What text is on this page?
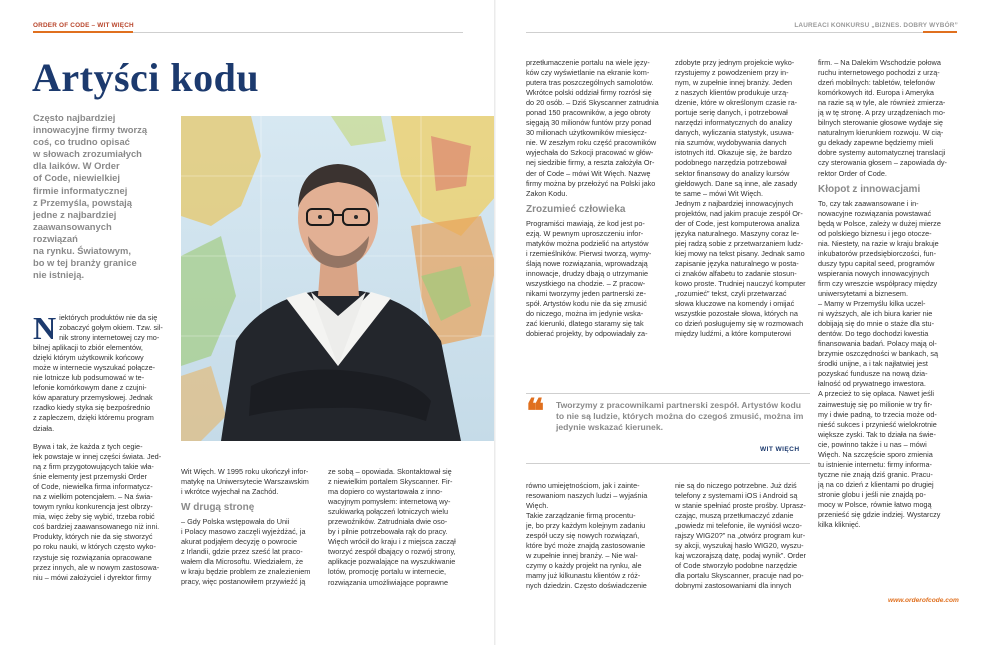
ORDER OF CODE – WIT WIĘCH
Artyści kodu
Często najbardziej
innowacyjne firmy tworzą
coś, co trudno opisać
w słowach zrozumiałych
dla laików. W Order
of Code, niewielkiej
firmie informatycznej
z Przemyśla, powstają
jedne z najbardziej
zaawansowanych
rozwiązań
na rynku. Światowym,
bo w tej branży granice
nie istnieją.
N iektórych produktów nie da się
zobaczyć gołym okiem. Tzw. sil-
nik strony internetowej czy mo-
bilnej aplikacji to zbiór elementów,
dzięki którym użytkownik końcowy
może w internecie wyszukać połącze-
nie lotnicze lub podsumować w te-
lefonie komórkowym dane z czujni-
ków aparatury przemysłowej. Jednak
rzadko kiedy styka się bezpośrednio
z zapleczem, dzięki któremu program
działa.
Bywa i tak, że każda z tych cegie-
łek powstaje w innej części świata. Jed-
ną z firm przygotowujących takie wła-
śnie elementy jest przemyski Order
of Code, niewielka firma informatycz-
na z wielkim potencjałem. – Na świa-
towym rynku konkurencja jest olbrzy-
mia, więc żeby się wybić, trzeba robić
coś bardziej zaawansowanego niż inni.
Produkty, których nie da się stworzyć
po roku nauki, w których często wyko-
rzystuje się rozwiązania opracowane
przez innych, ale w nowym zastosowa-
niu – mówi założyciel i dyrektor firmy
Wit Więch. W 1995 roku ukończył infor-
matykę na Uniwersytecie Warszawskim
i wkrótce wyjechał na Zachód.
W drugą stronę
– Gdy Polska wstępowała do Unii
i Polacy masowo zaczęli wyjeżdżać, ja
akurat podjąłem decyzję o powrocie
z Irlandii, gdzie przez sześć lat praco-
wałem dla Microsoftu. Wiedziałem, że
w kraju będzie problem ze znalezieniem
pracy, więc postanowiłem przywieźć ją
ze sobą – opowiada. Skontaktował się
z niewielkim portalem Skyscanner. Fir-
ma dopiero co wystartowała z inno-
wacyjnym pomysłem: internetową wy-
szukiwarką połączeń lotniczych wielu
przewoźników. Zatrudniała dwie oso-
by i pilnie potrzebowała rąk do pracy.
Więch wrócił do kraju i z miejsca zaczął
tworzyć zespół dbający o rozwój strony,
aplikacje pozwalające na wyszukiwanie
lotów, promocję portalu w internecie,
rozwiązania umożliwiające poprawne
LAUREACI KONKURSU „BIZNES. DOBRY WYBÓR”
przetłumaczenie portalu na wiele języ-
ków czy wyświetlanie na ekranie kom-
putera tras poszczególnych samolotów.
Wkrótce polski oddział firmy rozrósł się
do 20 osób. – Dziś Skyscanner zatrudnia
ponad 150 pracowników, a jego obroty
sięgają 30 milionów funtów przy ponad
30 milionach użytkowników miesięcz-
nie. W zeszłym roku część pracowników
wyjechała do Szkocji pracować w głów-
nej siedzibie firmy, a reszta założyła Or-
der of Code – mówi Wit Więch. Nazwę
firmy można by przełożyć na Polski jako
Zakon Kodu.
Zrozumieć człowieka
Programiści mawiają, że kod jest po-
ezją. W pewnym uproszczeniu infor-
matyków można podzielić na artystów
i rzemieślników. Pierwsi tworzą, wymy-
ślają nowe rozwiązania, wprowadzają
innowacje, drudzy dbają o utrzymanie
wszystkiego na chodzie. – Z pracow-
nikami tworzymy jeden partnerski ze-
spół. Artystów kodu nie da się zmusić
do niczego, można im jedynie wska-
zać kierunki, dlatego staramy się tak
dobierać projekty, by odpowiadały za-
zdobyte przy jednym projekcie wyko-
rzystujemy z powodzeniem przy in-
nym, w zupełnie innej branży. Jeden
z naszych klientów produkuje urzą-
dzenie, które w określonym czasie ra-
portuje serię danych, i potrzebował
narzędzi informatycznych do analizy
danych, wyliczania statystyk, usuwa-
nia szumów, wydobywania danych
istotnych itd. Okazuje się, że bardzo
podobnego narzędzia potrzebował
sektor finansowy do analizy kursów
giełdowych. Dane są inne, ale zasady
te same – mówi Wit Więch.
Jednym z najbardziej innowacyjnych
projektów, nad jakim pracuje zespół Or-
der of Code, jest komputerowa analiza
języka naturalnego. Maszyny coraz le-
piej radzą sobie z przetwarzaniem ludz-
kiej mowy na tekst pisany. Jednak samo
zapisanie języka naturalnego w posta-
ci znaków alfabetu to zadanie stosun-
kowo proste. Trudniej nauczyć komputer
„rozumieć” tekst, czyli przetwarzać
słowa kluczowe na komendy i omijać
wszystkie pozostałe słowa, których na
co dzień posługujemy się w rozmowach
między ludźmi, a które komputerowi
❝ Tworzymy z pracownikami partnerski zespół. Artystów kodu to nie są ludzie, których można do czegoś zmusić, można im jedynie wskazać kierunek.
WIT WIĘCH
równo umiejętnościom, jak i zainte-
resowaniom naszych ludzi – wyjaśnia
Więch.
Takie zarządzanie firmą procentu-
je, bo przy każdym kolejnym zadaniu
zespół uczy się nowych rozwiązań,
które być może znajdą zastosowanie
w zupełnie innej branży. – Nie wal-
czymy o każdy projekt na rynku, ale
mamy już kilkunastu klientów z róż-
nych dziedzin. Często doświadczenie
nie są do niczego potrzebne. Już dziś
telefony z systemami iOS i Android są
w stanie spełniać proste prośby. Uprasz-
czając, muszą przetłumaczyć zdanie
„powiedz mi telefonie, ile wyniósł wczo-
rajszy WIG20?” na „otwórz program kur-
sy akcji, wyszukaj hasło WIG20, wyszu-
kaj wczorajszą datę, podaj wynik”. Order
of Code stworzyło podobne narzędzie
dla portalu Skyscanner, pracuje nad po-
dobnymi zastosowaniami dla innych
firm. – Na Dalekim Wschodzie połowa
ruchu internetowego pochodzi z urzą-
dzeń mobilnych: tabletów, telefonów
komórkowych itd. Europa i Ameryka
na razie są w tyle, ale również zmierza-
ją w tę stronę. A przy urządzeniach mo-
bilnych sterowanie głosowe wydaje się
naturalnym kierunkiem rozwoju. W cią-
gu dekady zapewne będziemy mieli
dobre systemy automatycznej translacji
czy sterowania głosem – zapowiada dy-
rektor Order of Code.
Kłopot z innowacjami
To, czy tak zaawansowane i in-
nowacyjne rozwiązania powstawać
będą w Polsce, zależy w dużej mierze
od polskiego biznesu i jego otocze-
nia. Niestety, na razie w kraju brakuje
inkubatorów przedsiębiorczości, fun-
duszy typu capital seed, programów
wspierania nowych innowacyjnych
firm czy wreszcie współpracy między
uniwersytetami a biznesem.
– Mamy w Przemyślu kilka uczel-
ni wyższych, ale ich biura karier nie
dobijają się do mnie o staże dla stu-
dentów. Do tego dochodzi kwestia
finansowania badań. Polacy mają ol-
brzymie oszczędności w bankach, są
środki unijne, a i tak najłatwiej jest
pozyskać fundusze na nową dzia-
łalność od prywatnego inwestora.
A przecież to się opłaca. Nawet jeśli
zainwestuję się po milionie w try fir-
my i dwie padną, to trzecia może od-
nieść sukces i przynieść wielokrotnie
większe zyski. Tak to działa na świe-
cie, powinno także i u nas – mówi
Więch. Na szczęście sporo zmienia
tu istnienie internetu: firmy informa-
tyczne nie znają dziś granic. Pracu-
ją na co dzień z klientami po drugiej
stronie globu i jeśli nie znajdą po-
mocy w Polsce, równie łatwo mogą
przenieść się gdzie indziej. Wystarczy
kilka kliknięć.
www.orderofcode.com
